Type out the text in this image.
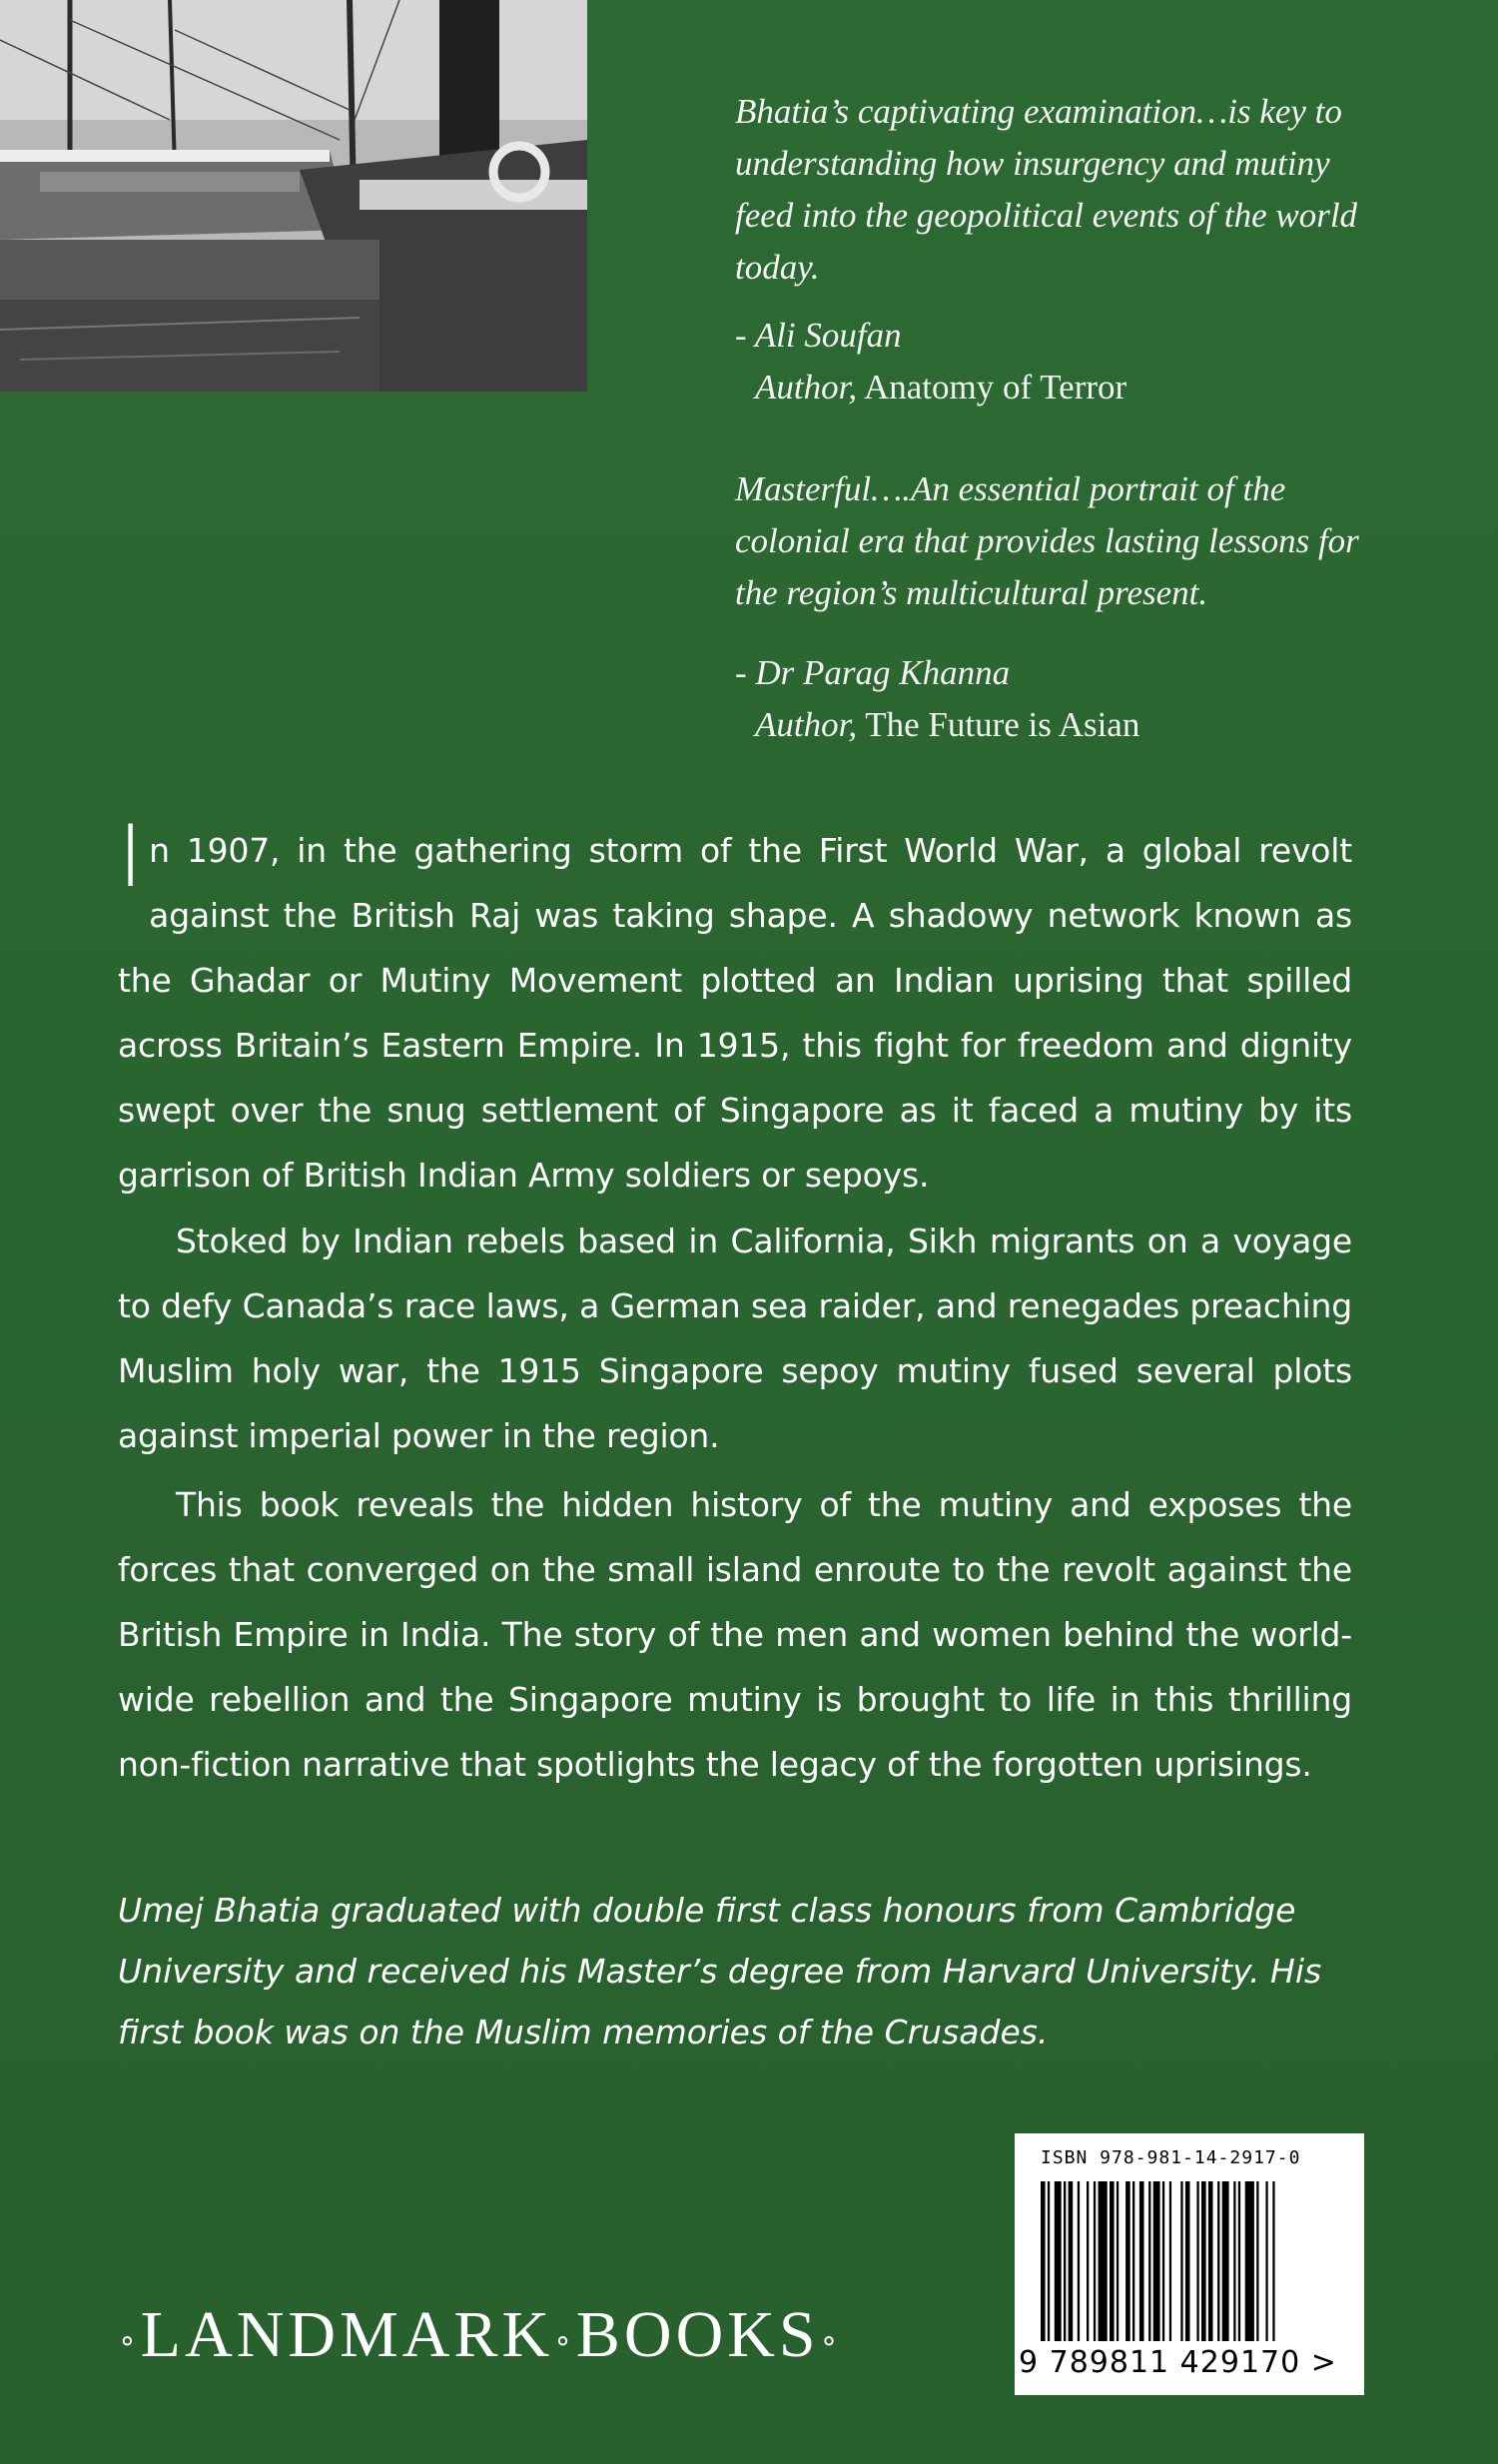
Bhatia’s captivating examination…is key to understanding how insurgency and mutiny feed into the geopolitical events of the world today.
- Ali Soufan
Author, Anatomy of Terror
Masterful….An essential portrait of the colonial era that provides lasting lessons for the region’s multicultural present.
- Dr Parag Khanna
Author, The Future is Asian
In 1907, in the gathering storm of the First World War, a global revolt against the British Raj was taking shape. A shadowy network known as the Ghadar or Mutiny Movement plotted an Indian uprising that spilled across Britain’s Eastern Empire. In 1915, this fight for freedom and dignity swept over the snug settlement of Singapore as it faced a mutiny by its garrison of British Indian Army soldiers or sepoys.
Stoked by Indian rebels based in California, Sikh migrants on a voyage to defy Canada’s race laws, a German sea raider, and renegades preaching Muslim holy war, the 1915 Singapore sepoy mutiny fused several plots against imperial power in the region.
This book reveals the hidden history of the mutiny and exposes the forces that converged on the small island enroute to the revolt against the British Empire in India. The story of the men and women behind the world-wide rebellion and the Singapore mutiny is brought to life in this thrilling non-fiction narrative that spotlights the legacy of the forgotten uprisings.
Umej Bhatia graduated with double first class honours from Cambridge University and received his Master’s degree from Harvard University. His first book was on the Muslim memories of the Crusades.
∘LANDMARK∘BOOKS∘
ISBN 978-981-14-2917-0
9 789811 429170 >
